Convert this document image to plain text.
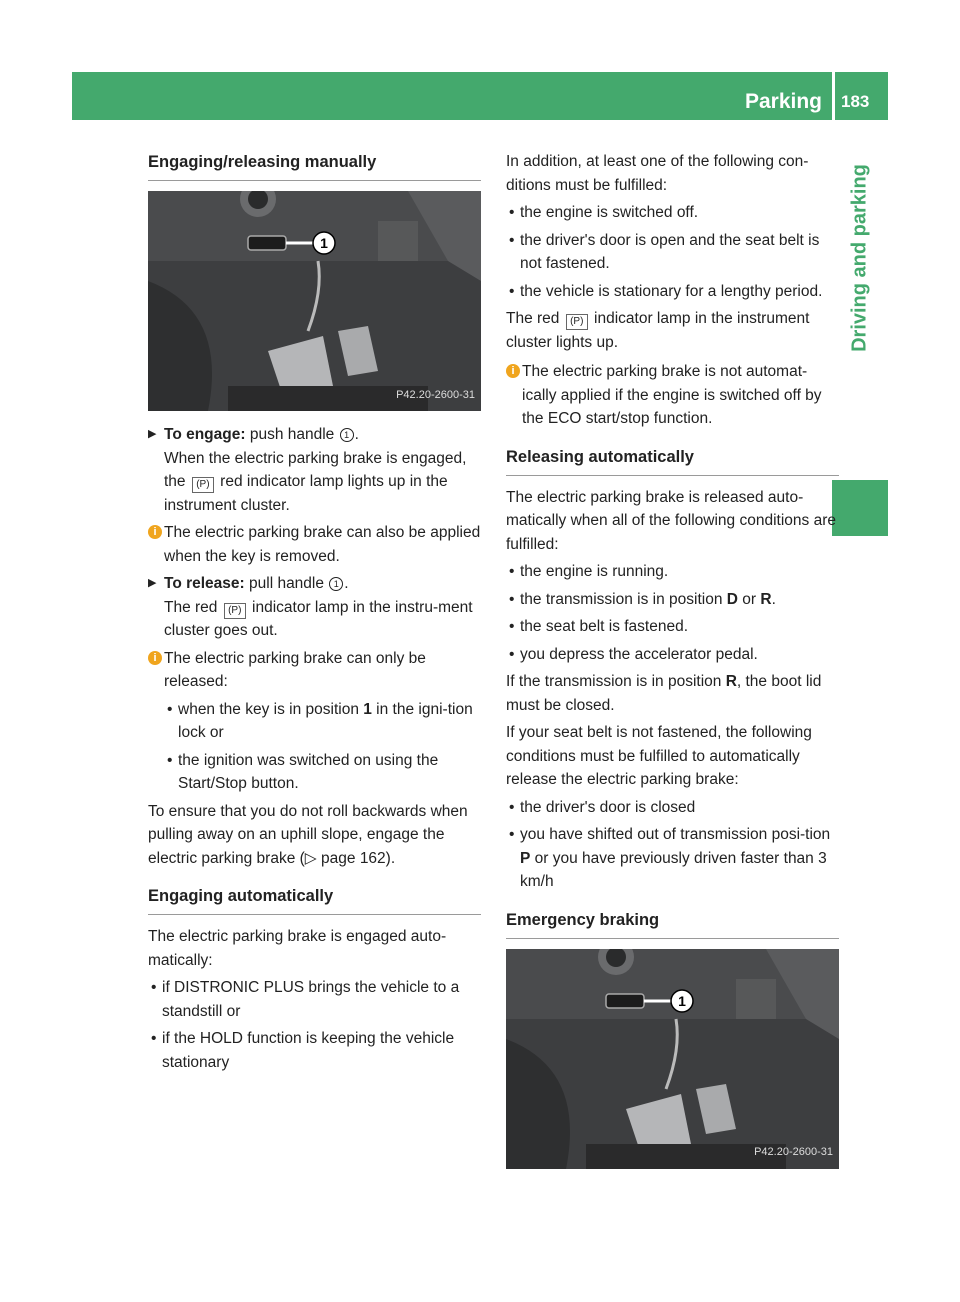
Parking 183
Driving and parking
Engaging/releasing manually
1
P42.20-2600-31

▶ To engage: push handle 1 .

When the electric parking brake is engaged, the (P) red indicator lamp lights up in the instrument cluster.

i The electric parking brake can also be applied when the key is removed.

▶ To release: pull handle 1 .

The red (P) indicator lamp in the instru-ment cluster goes out.

i The electric parking brake can only be released:

• when the key is in position 1 in the igni-tion lock or
• the ignition was switched on using the Start/Stop button.

To ensure that you do not roll backwards when pulling away on an uphill slope, engage the electric parking brake (▷ page 162).

Engaging automatically

The electric parking brake is engaged auto-matically:

• if DISTRONIC PLUS brings the vehicle to a standstill or
• if the HOLD function is keeping the vehicle stationary

In addition, at least one of the following con-ditions must be fulfilled:

• the engine is switched off.
• the driver's door is open and the seat belt is not fastened.
• the vehicle is stationary for a lengthy period.

The red (P) indicator lamp in the instrument cluster lights up.

i The electric parking brake is not automat-ically applied if the engine is switched off by the ECO start/stop function.

Releasing automatically

The electric parking brake is released auto-matically when all of the following conditions are fulfilled:

• the engine is running.
• the transmission is in position D or R.
• the seat belt is fastened.
• you depress the accelerator pedal.

If the transmission is in position R, the boot lid must be closed.

If your seat belt is not fastened, the following conditions must be fulfilled to automatically release the electric parking brake:

• the driver's door is closed
• you have shifted out of transmission posi-tion P or you have previously driven faster than 3 km/h
Emergency braking
1
P42.20-2600-31
